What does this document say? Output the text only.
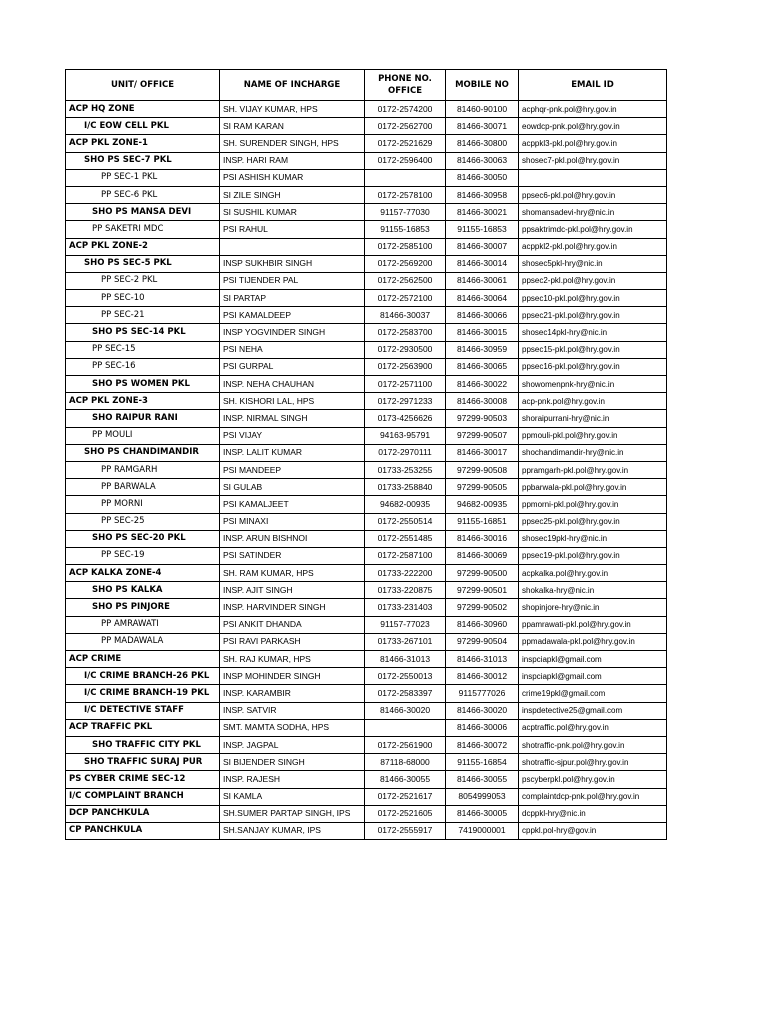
UNIT/ OFFICE	NAME OF INCHARGE	PHONE NO. OFFICE	MOBILE NO	EMAIL ID
ACP HQ ZONE	SH. VIJAY KUMAR, HPS	0172-2574200	81460-90100	acphqr-pnk.pol@hry.gov.in
I/C EOW CELL PKL	SI RAM KARAN	0172-2562700	81466-30071	eowdcp-pnk.pol@hry.gov.in
ACP PKL ZONE-1	SH. SURENDER SINGH, HPS	0172-2521629	81466-30800	acppkl3-pkl.pol@hry.gov.in
SHO PS SEC-7 PKL	INSP. HARI RAM	0172-2596400	81466-30063	shosec7-pkl.pol@hry.gov.in
PP SEC-1 PKL	PSI ASHISH KUMAR		81466-30050	
PP SEC-6 PKL	SI ZILE SINGH	0172-2578100	81466-30958	ppsec6-pkl.pol@hry.gov.in
SHO PS MANSA DEVI	SI SUSHIL KUMAR	91157-77030	81466-30021	shomansadevi-hry@nic.in
PP SAKETRI MDC	PSI RAHUL	91155-16853	91155-16853	ppsaktrimdc-pkl.pol@hry.gov.in
ACP PKL ZONE-2		0172-2585100	81466-30007	acppkl2-pkl.pol@hry.gov.in
SHO PS SEC-5 PKL	INSP SUKHBIR SINGH	0172-2569200	81466-30014	shosec5pkl-hry@nic.in
PP SEC-2 PKL	PSI TIJENDER PAL	0172-2562500	81466-30061	ppsec2-pkl.pol@hry.gov.in
PP SEC-10	SI PARTAP	0172-2572100	81466-30064	ppsec10-pkl.pol@hry.gov.in
PP SEC-21	PSI KAMALDEEP	81466-30037	81466-30066	ppsec21-pkl.pol@hry.gov.in
SHO PS SEC-14 PKL	INSP YOGVINDER SINGH	0172-2583700	81466-30015	shosec14pkl-hry@nic.in
PP SEC-15	PSI NEHA	0172-2930500	81466-30959	ppsec15-pkl.pol@hry.gov.in
PP SEC-16	PSI GURPAL	0172-2563900	81466-30065	ppsec16-pkl.pol@hry.gov.in
SHO PS WOMEN PKL	INSP. NEHA CHAUHAN	0172-2571100	81466-30022	showomenpnk-hry@nic.in
ACP PKL ZONE-3	SH. KISHORI LAL, HPS	0172-2971233	81466-30008	acp-pnk.pol@hry.gov.in
SHO RAIPUR RANI	INSP. NIRMAL SINGH	0173-4256626	97299-90503	shoraipurrani-hry@nic.in
PP MOULI	PSI VIJAY	94163-95791	97299-90507	ppmouli-pkl.pol@hry.gov.in
SHO PS CHANDIMANDIR	INSP. LALIT KUMAR	0172-2970111	81466-30017	shochandimandir-hry@nic.in
PP RAMGARH	PSI MANDEEP	01733-253255	97299-90508	ppramgarh-pkl.pol@hry.gov.in
PP BARWALA	SI GULAB	01733-258840	97299-90505	ppbarwala-pkl.pol@hry.gov.in
PP MORNI	PSI KAMALJEET	94682-00935	94682-00935	ppmorni-pkl.pol@hry.gov.in
PP SEC-25	PSI MINAXI	0172-2550514	91155-16851	ppsec25-pkl.pol@hry.gov.in
SHO PS SEC-20 PKL	INSP. ARUN BISHNOI	0172-2551485	81466-30016	shosec19pkl-hry@nic.in
PP SEC-19	PSI SATINDER	0172-2587100	81466-30069	ppsec19-pkl.pol@hry.gov.in
ACP KALKA ZONE-4	SH. RAM KUMAR, HPS	01733-222200	97299-90500	acpkalka.pol@hry.gov.in
SHO PS KALKA	INSP. AJIT SINGH	01733-220875	97299-90501	shokalka-hry@nic.in
SHO PS PINJORE	INSP. HARVINDER SINGH	01733-231403	97299-90502	shopinjore-hry@nic.in
PP AMRAWATI	PSI ANKIT DHANDA	91157-77023	81466-30960	ppamrawati-pkl.pol@hry.gov.in
PP MADAWALA	PSI RAVI PARKASH	01733-267101	97299-90504	ppmadawala-pkl.pol@hry.gov.in
ACP CRIME	SH. RAJ KUMAR, HPS	81466-31013	81466-31013	inspciapkl@gmail.com
I/C CRIME BRANCH-26 PKL	INSP MOHINDER SINGH	0172-2550013	81466-30012	inspciapkl@gmail.com
I/C CRIME BRANCH-19 PKL	INSP. KARAMBIR	0172-2583397	9115777026	crime19pkl@gmail.com
I/C DETECTIVE STAFF	INSP. SATVIR	81466-30020	81466-30020	inspdetective25@gmail.com
ACP TRAFFIC PKL	SMT. MAMTA SODHA, HPS		81466-30006	acptraffic.pol@hry.gov.in
SHO TRAFFIC CITY PKL	INSP. JAGPAL	0172-2561900	81466-30072	shotraffic-pnk.pol@hry.gov.in
SHO TRAFFIC SURAJ PUR	SI BIJENDER SINGH	87118-68000	91155-16854	shotraffic-sjpur.pol@hry.gov.in
PS CYBER CRIME SEC-12	INSP. RAJESH	81466-30055	81466-30055	pscyberpkl.pol@hry.gov.in
I/C COMPLAINT BRANCH	SI KAMLA	0172-2521617	8054999053	complaintdcp-pnk.pol@hry.gov.in
DCP PANCHKULA	SH.SUMER PARTAP SINGH, IPS	0172-2521605	81466-30005	dcppkl-hry@nic.in
CP PANCHKULA	SH.SANJAY KUMAR, IPS	0172-2555917	7419000001	cppkl.pol-hry@gov.in
